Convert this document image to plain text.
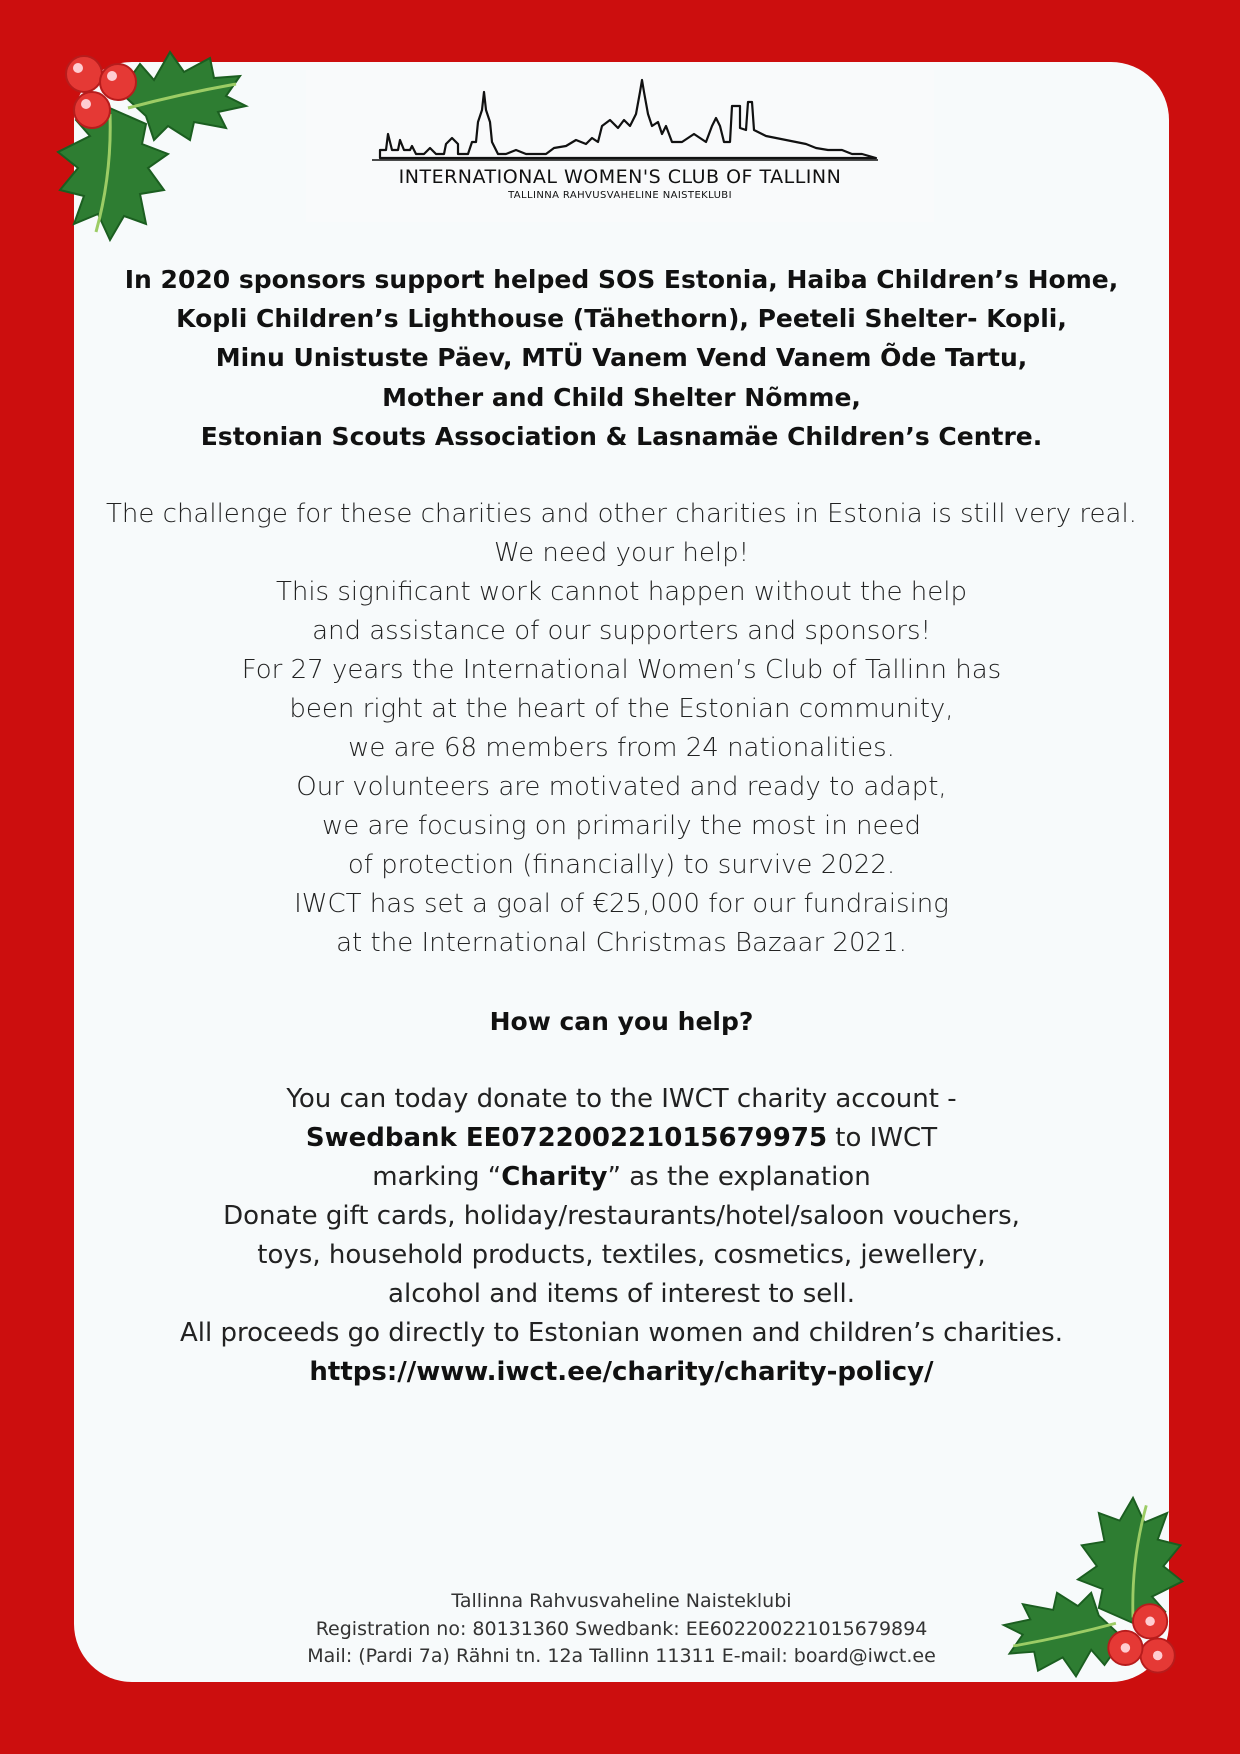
INTERNATIONAL WOMEN'S CLUB OF TALLINN
TALLINNA RAHVUSVAHELINE NAISTEKLUBI
In 2020 sponsors support helped SOS Estonia, Haiba Children’s Home,
Kopli Children’s Lighthouse (Tähethorn), Peeteli Shelter- Kopli,
Minu Unistuste Päev, MTÜ Vanem Vend Vanem Õde Tartu,
Mother and Child Shelter Nõmme,
Estonian Scouts Association & Lasnamäe Children’s Centre.
The challenge for these charities and other charities in Estonia is still very real.
We need your help!
This significant work cannot happen without the help
and assistance of our supporters and sponsors!
For 27 years the International Women’s Club of Tallinn has
been right at the heart of the Estonian community,
we are 68 members from 24 nationalities.
Our volunteers are motivated and ready to adapt,
we are focusing on primarily the most in need
of protection (financially) to survive 2022.
IWCT has set a goal of €25,000 for our fundraising
at the International Christmas Bazaar 2021.
How can you help?
You can today donate to the IWCT charity account -
Swedbank EE072200221015679975 to IWCT
marking “Charity” as the explanation
Donate gift cards, holiday/restaurants/hotel/saloon vouchers,
toys, household products, textiles, cosmetics, jewellery,
alcohol and items of interest to sell.
All proceeds go directly to Estonian women and children’s charities.
https://www.iwct.ee/charity/charity-policy/
Tallinna Rahvusvaheline Naisteklubi
Registration no: 80131360 Swedbank: EE602200221015679894
Mail: (Pardi 7a) Rähni tn. 12a Tallinn 11311 E-mail: board@iwct.ee
